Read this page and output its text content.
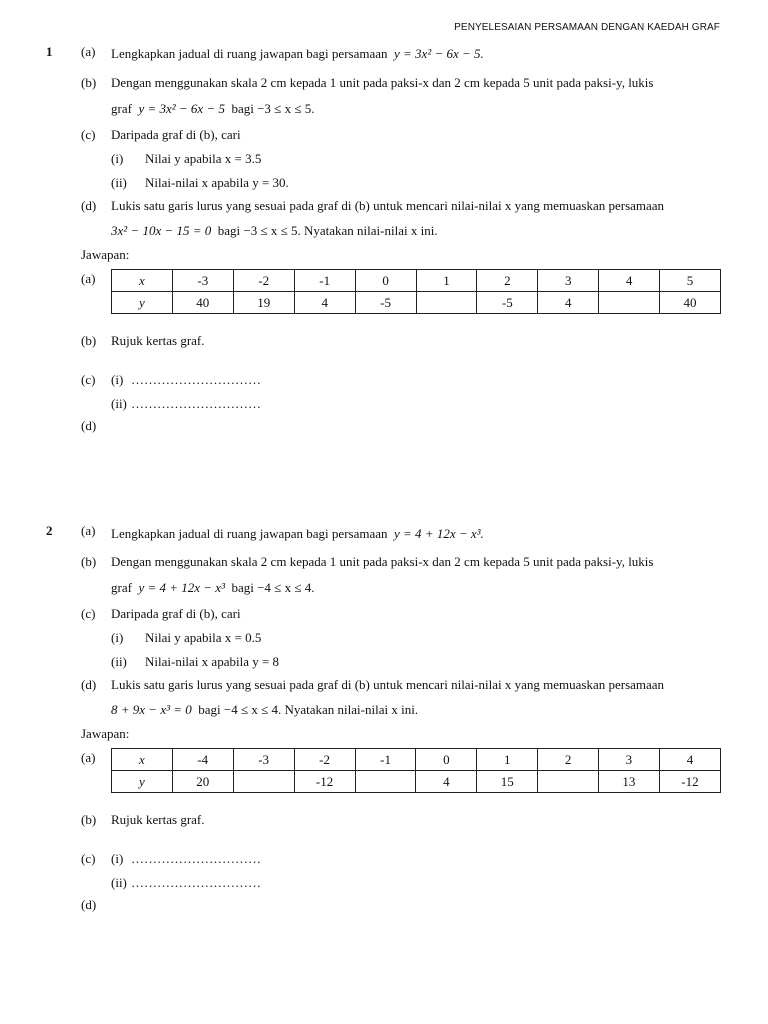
PENYELESAIAN PERSAMAAN DENGAN KAEDAH GRAF
1 (a) Lengkapkan jadual di ruang jawapan bagi persamaan y = 3x² − 6x − 5.
(b) Dengan menggunakan skala 2 cm kepada 1 unit pada paksi-x dan 2 cm kepada 5 unit pada paksi-y, lukis
graf y = 3x² − 6x − 5 bagi −3 ≤ x ≤ 5.
(c) Daripada graf di (b), cari
(i) Nilai y apabila x = 3.5
(ii) Nilai-nilai x apabila y = 30.
(d) Lukis satu garis lurus yang sesuai pada graf di (b) untuk mencari nilai-nilai x yang memuaskan persamaan
3x² − 10x − 15 = 0 bagi −3 ≤ x ≤ 5. Nyatakan nilai-nilai x ini.
Jawapan:
(a)	x	-3	-2	-1	0	1	2	3	4	5
y	40	19	4	-5		-5	4		40
(b) Rujuk kertas graf.
(c) (i) …………………………
(ii) …………………………
(d)
2 (a) Lengkapkan jadual di ruang jawapan bagi persamaan y = 4 + 12x − x³.
(b) Dengan menggunakan skala 2 cm kepada 1 unit pada paksi-x dan 2 cm kepada 5 unit pada paksi-y, lukis
graf y = 4 + 12x − x³ bagi −4 ≤ x ≤ 4.
(c) Daripada graf di (b), cari
(i) Nilai y apabila x = 0.5
(ii) Nilai-nilai x apabila y = 8
(d) Lukis satu garis lurus yang sesuai pada graf di (b) untuk mencari nilai-nilai x yang memuaskan persamaan
8 + 9x − x³ = 0 bagi −4 ≤ x ≤ 4. Nyatakan nilai-nilai x ini.
Jawapan:
(a)	x	-4	-3	-2	-1	0	1	2	3	4
y	20		-12		4	15		13	-12
(b) Rujuk kertas graf.
(c) (i) …………………………
(ii) …………………………
(d)
